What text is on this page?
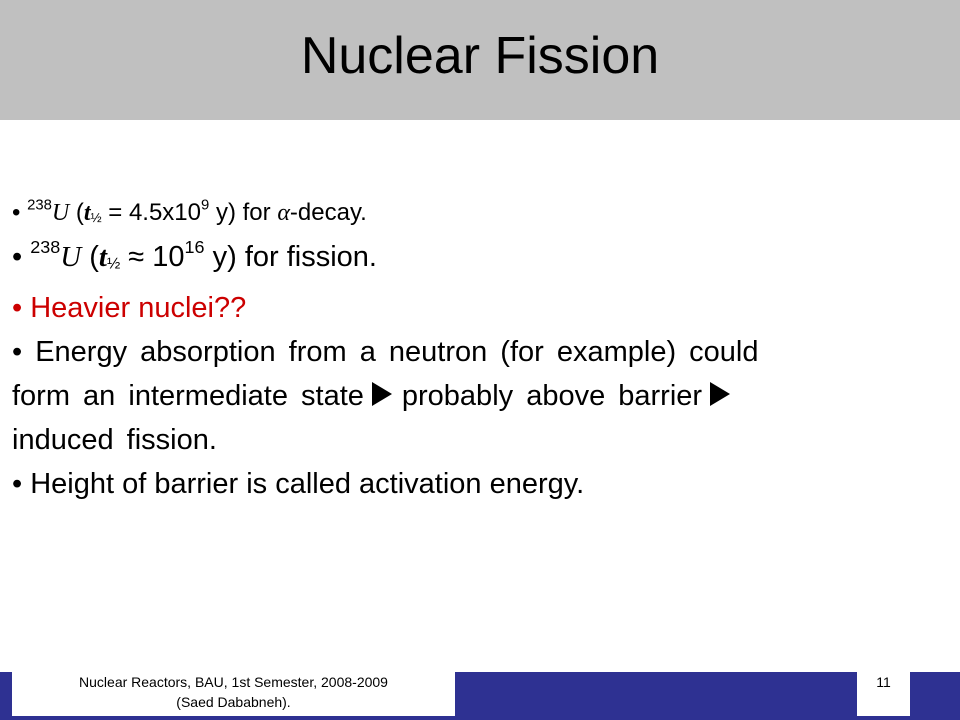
Nuclear Fission
• $^{238}$U (t½ = $4.5x10^9$ y) for α-decay.
• $^{238}$U (t½ ≈ $10^{16}$ y) for fission.
• Heavier nuclei??
• Energy absorption from a neutron (for example) could
form an intermediate state probably above barrier
induced fission.
• Height of barrier is called activation energy.
Nuclear Reactors, BAU, 1st Semester, 2008-2009
(Saed Dababneh).
11
